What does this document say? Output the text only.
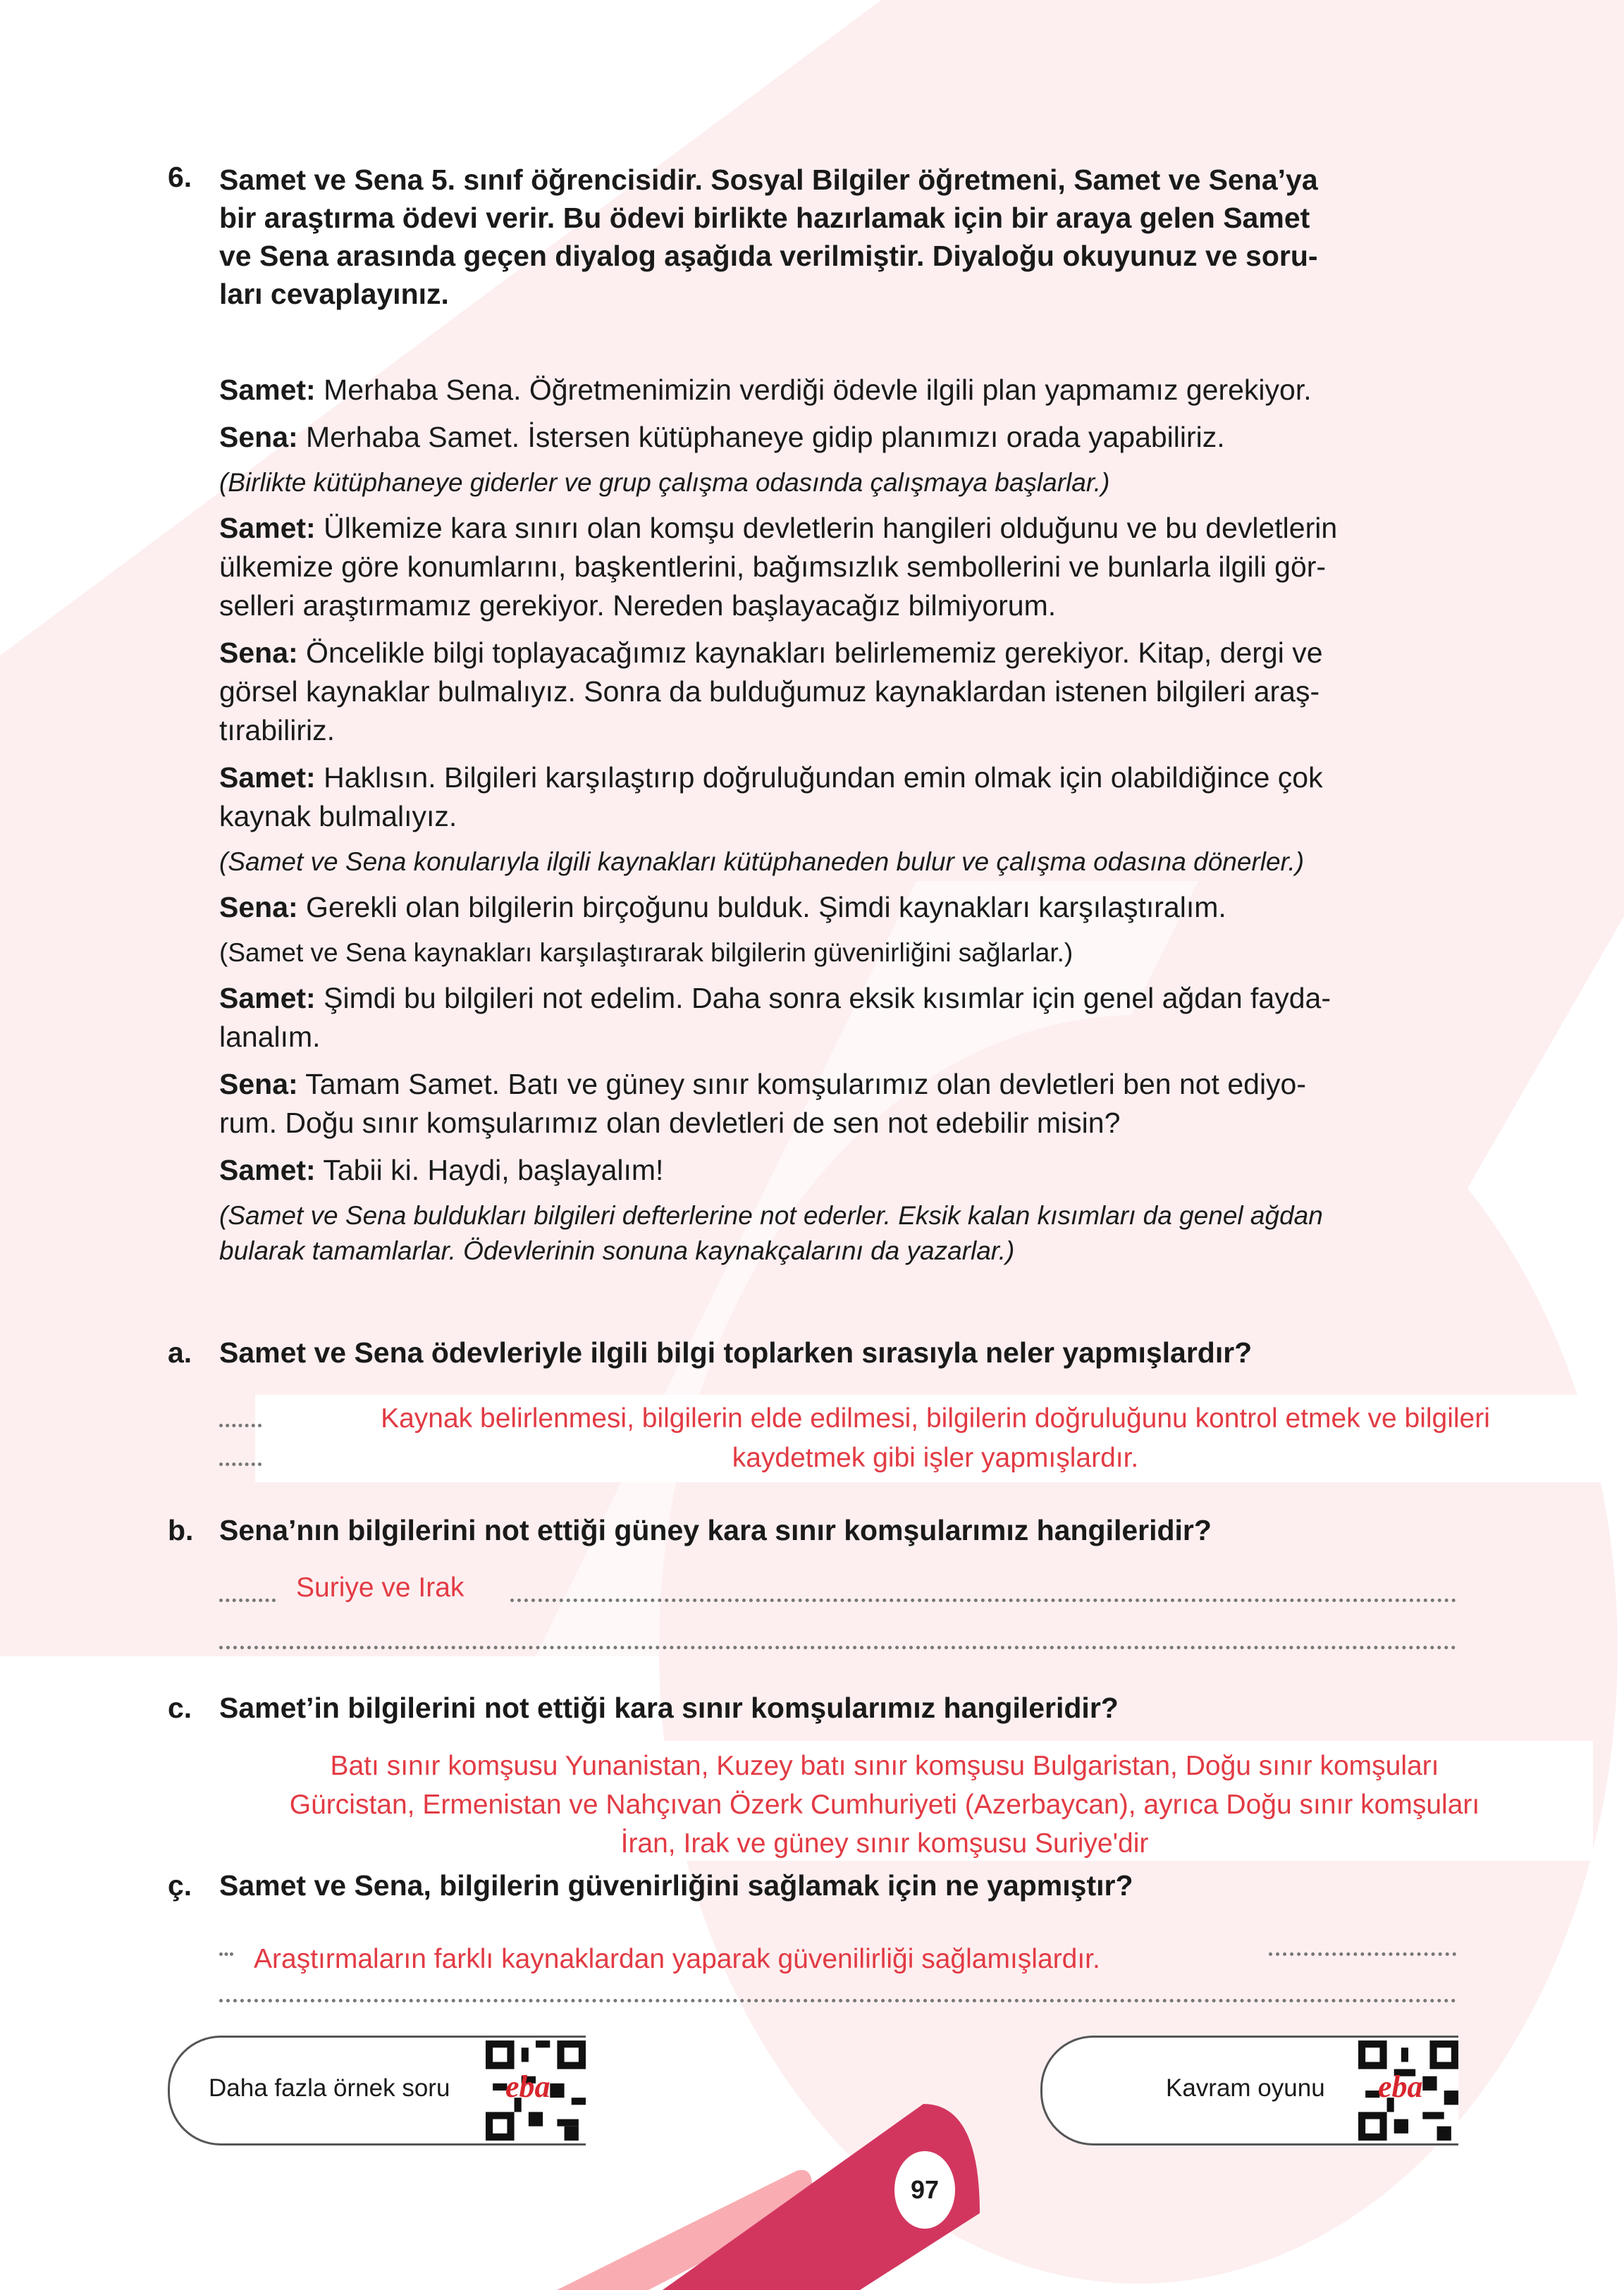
6. Samet ve Sena 5. sınıf öğrencisidir. Sosyal Bilgiler öğretmeni, Samet ve Sena’ya
bir araştırma ödevi verir. Bu ödevi birlikte hazırlamak için bir araya gelen Samet
ve Sena arasında geçen diyalog aşağıda verilmiştir. Diyaloğu okuyunuz ve soru-
ları cevaplayınız.
Samet: Merhaba Sena. Öğretmenimizin verdiği ödevle ilgili plan yapmamız gerekiyor.
Sena: Merhaba Samet. İstersen kütüphaneye gidip planımızı orada yapabiliriz.
(Birlikte kütüphaneye giderler ve grup çalışma odasında çalışmaya başlarlar.)
Samet: Ülkemize kara sınırı olan komşu devletlerin hangileri olduğunu ve bu devletlerin
ülkemize göre konumlarını, başkentlerini, bağımsızlık sembollerini ve bunlarla ilgili gör-
selleri araştırmamız gerekiyor. Nereden başlayacağız bilmiyorum.
Sena: Öncelikle bilgi toplayacağımız kaynakları belirlememiz gerekiyor. Kitap, dergi ve
görsel kaynaklar bulmalıyız. Sonra da bulduğumuz kaynaklardan istenen bilgileri araş-
tırabiliriz.
Samet: Haklısın. Bilgileri karşılaştırıp doğruluğundan emin olmak için olabildiğince çok
kaynak bulmalıyız.
(Samet ve Sena konularıyla ilgili kaynakları kütüphaneden bulur ve çalışma odasına dönerler.)
Sena: Gerekli olan bilgilerin birçoğunu bulduk. Şimdi kaynakları karşılaştıralım.
(Samet ve Sena kaynakları karşılaştırarak bilgilerin güvenirliğini sağlarlar.)
Samet: Şimdi bu bilgileri not edelim. Daha sonra eksik kısımlar için genel ağdan fayda-
lanalım.
Sena: Tamam Samet. Batı ve güney sınır komşularımız olan devletleri ben not ediyo-
rum. Doğu sınır komşularımız olan devletleri de sen not edebilir misin?
Samet: Tabii ki. Haydi, başlayalım!
(Samet ve Sena buldukları bilgileri defterlerine not ederler. Eksik kalan kısımları da genel ağdan
bularak tamamlarlar. Ödevlerinin sonuna kaynakçalarını da yazarlar.)
a. Samet ve Sena ödevleriyle ilgili bilgi toplarken sırasıyla neler yapmışlardır?
Kaynak belirlenmesi, bilgilerin elde edilmesi, bilgilerin doğruluğunu kontrol etmek ve bilgileri
kaydetmek gibi işler yapmışlardır.
b. Sena’nın bilgilerini not ettiği güney kara sınır komşularımız hangileridir?
Suriye ve Irak
c. Samet’in bilgilerini not ettiği kara sınır komşularımız hangileridir?
Batı sınır komşusu Yunanistan, Kuzey batı sınır komşusu Bulgaristan, Doğu sınır komşuları
Gürcistan, Ermenistan ve Nahçıvan Özerk Cumhuriyeti (Azerbaycan), ayrıca Doğu sınır komşuları
İran, Irak ve güney sınır komşusu Suriye'dir
ç. Samet ve Sena, bilgilerin güvenirliğini sağlamak için ne yapmıştır?
Araştırmaların farklı kaynaklardan yaparak güvenilirliği sağlamışlardır.
Daha fazla örnek soru eba	Kavram oyunu eba
97
